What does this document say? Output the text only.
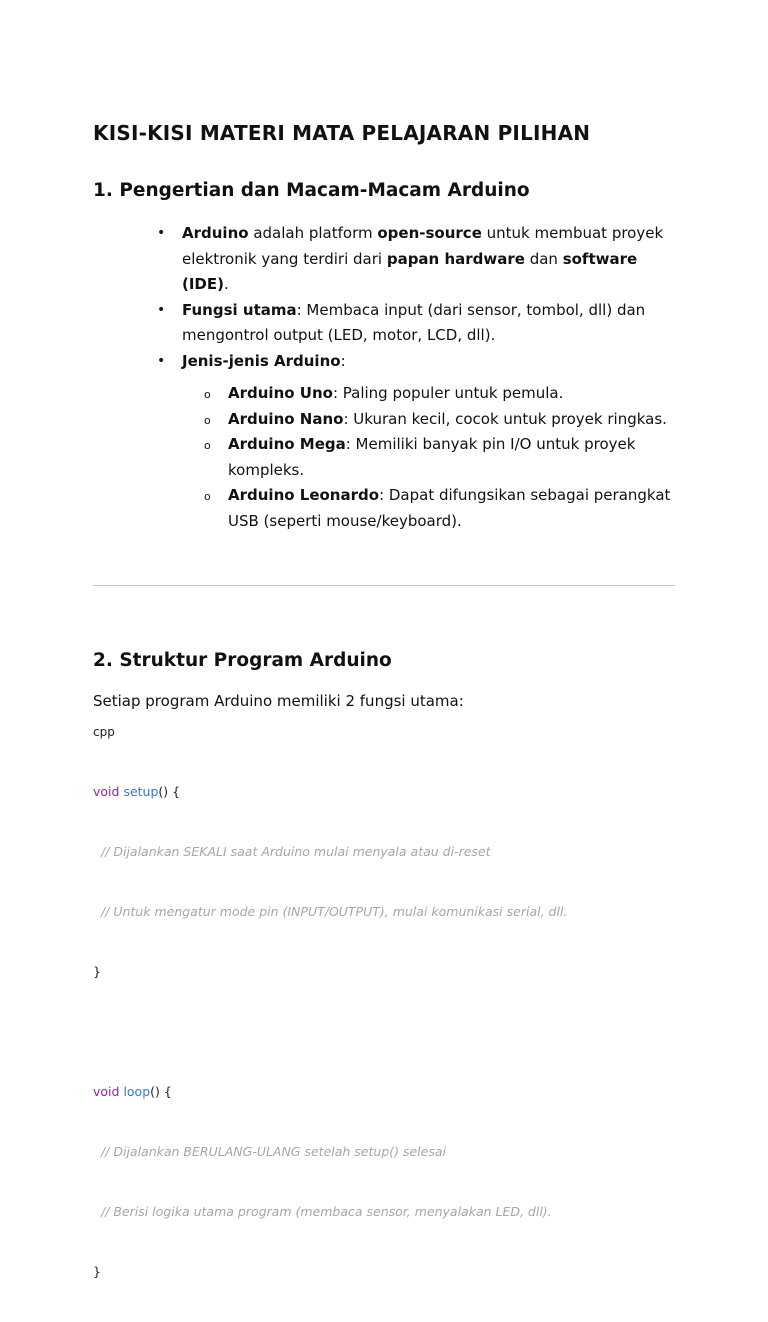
KISI-KISI MATERI MATA PELAJARAN PILIHAN
1. Pengertian dan Macam-Macam Arduino
• Arduino adalah platform open-source untuk membuat proyek elektronik yang terdiri dari papan hardware dan software (IDE).
• Fungsi utama: Membaca input (dari sensor, tombol, dll) dan mengontrol output (LED, motor, LCD, dll).
• Jenis-jenis Arduino:
o Arduino Uno: Paling populer untuk pemula.
o Arduino Nano: Ukuran kecil, cocok untuk proyek ringkas.
o Arduino Mega: Memiliki banyak pin I/O untuk proyek kompleks.
o Arduino Leonardo: Dapat difungsikan sebagai perangkat USB (seperti mouse/keyboard).
2. Struktur Program Arduino

Setiap program Arduino memiliki 2 fungsi utama:

cpp

void setup() {

// Dijalankan SEKALI saat Arduino mulai menyala atau di-reset

// Untuk mengatur mode pin (INPUT/OUTPUT), mulai komunikasi serial, dll.

}

void loop() {

// Dijalankan BERULANG-ULANG setelah setup() selesai

// Berisi logika utama program (membaca sensor, menyalakan LED, dll).

}
